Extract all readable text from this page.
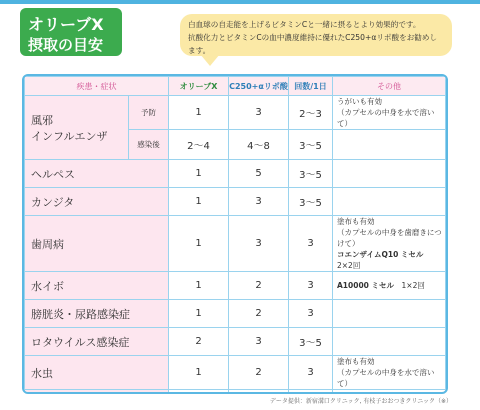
オリーブX
摂取の目安
白血球の自走能を上げるビタミンCと一緒に摂るとより効果的です。
抗酸化力とビタミンCの血中濃度維持に優れたC250+αリポ酸をお勧めします。
疾患・症状		オリーブX	C250+αリポ酸	回数/1日	その他
風邪
インフルエンザ	予防	1	3	2〜3	うがいも有効
（カプセルの中身を水で溶いて）

	感染後	2〜4	4〜8	3〜5	
ヘルペス		1	5	3〜5	
カンジタ		1	3	3〜5	
歯周病		1	3	3	塗布も有効
（カプセルの中身を歯磨きにつけて）
コエンザイムQ10 ミセル　2×2回

水イボ		1	2	3	A10000 ミセル　1×2回

膀胱炎・尿路感染症		1	2	3	
ロタウイルス感染症		2	3	3〜5	
水虫		1	2	3	塗布も有効
（カプセルの中身を水で溶いて）

データ提供：新宿溝口クリニック, 有枝子おおつきクリニック（※）
